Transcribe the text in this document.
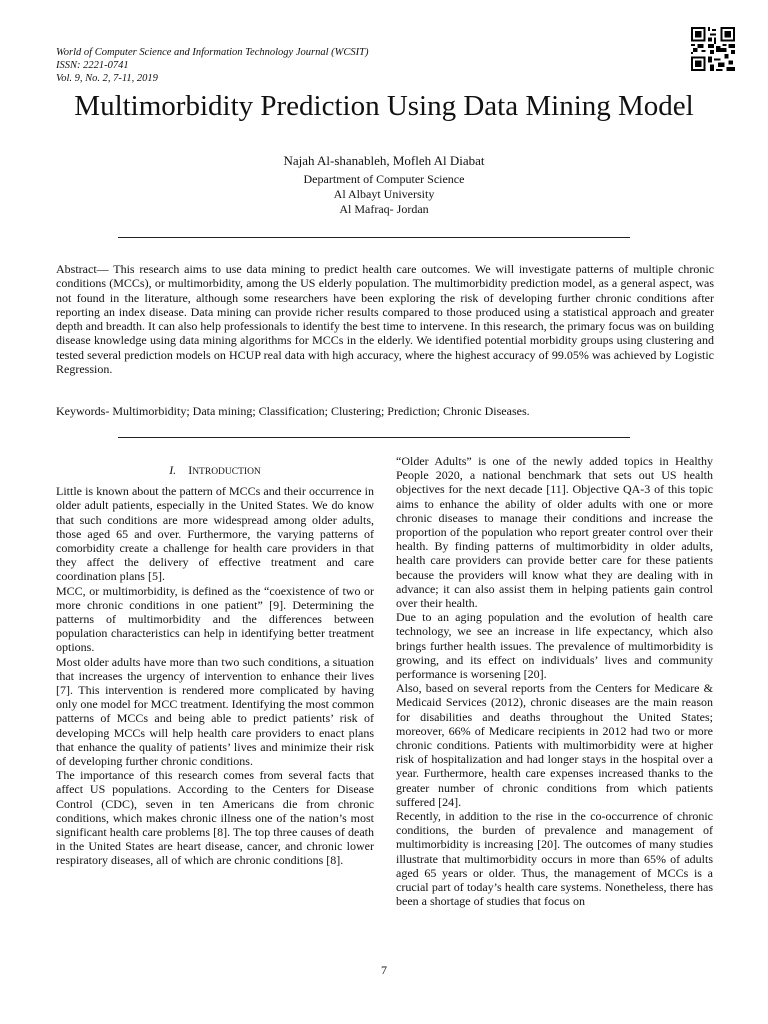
World of Computer Science and Information Technology Journal (WCSIT)
ISSN: 2221-0741
Vol. 9, No. 2, 7-11, 2019
Multimorbidity Prediction Using Data Mining Model
Najah Al-shanableh, Mofleh Al Diabat
Department of Computer Science
Al Albayt University
Al Mafraq- Jordan
Abstract— This research aims to use data mining to predict health care outcomes. We will investigate patterns of multiple chronic conditions (MCCs), or multimorbidity, among the US elderly population. The multimorbidity prediction model, as a general aspect, was not found in the literature, although some researchers have been exploring the risk of developing further chronic conditions after reporting an index disease. Data mining can provide richer results compared to those produced using a statistical approach and greater depth and breadth. It can also help professionals to identify the best time to intervene. In this research, the primary focus was on building disease knowledge using data mining algorithms for MCCs in the elderly. We identified potential morbidity groups using clustering and tested several prediction models on HCUP real data with high accuracy, where the highest accuracy of 99.05% was achieved by Logistic Regression.
Keywords- Multimorbidity; Data mining; Classification; Clustering; Prediction; Chronic Diseases.
I. INTRODUCTION

Little is known about the pattern of MCCs and their occurrence in older adult patients, especially in the United States. We do know that such conditions are more widespread among older adults, those aged 65 and over. Furthermore, the varying patterns of comorbidity create a challenge for health care providers in that they affect the delivery of effective treatment and care coordination plans [5].

MCC, or multimorbidity, is defined as the “coexistence of two or more chronic conditions in one patient” [9]. Determining the patterns of multimorbidity and the differences between population characteristics can help in identifying better treatment options.

Most older adults have more than two such conditions, a situation that increases the urgency of intervention to enhance their lives [7]. This intervention is rendered more complicated by having only one model for MCC treatment. Identifying the most common patterns of MCCs and being able to predict patients’ risk of developing MCCs will help health care providers to enact plans that enhance the quality of patients’ lives and minimize their risk of developing further chronic conditions.

The importance of this research comes from several facts that affect US populations. According to the Centers for Disease Control (CDC), seven in ten Americans die from chronic conditions, which makes chronic illness one of the nation’s most significant health care problems [8]. The top three causes of death in the United States are heart disease, cancer, and chronic lower respiratory diseases, all of which are chronic conditions [8].

“Older Adults” is one of the newly added topics in Healthy People 2020, a national benchmark that sets out US health objectives for the next decade [11]. Objective QA-3 of this topic aims to enhance the ability of older adults with one or more chronic diseases to manage their conditions and increase the proportion of the population who report greater control over their health. By finding patterns of multimorbidity in older adults, health care providers can provide better care for these patients because the providers will know what they are dealing with in advance; it can also assist them in helping patients gain control over their health.

Due to an aging population and the evolution of health care technology, we see an increase in life expectancy, which also brings further health issues. The prevalence of multimorbidity is growing, and its effect on individuals’ lives and community performance is worsening [20].

Also, based on several reports from the Centers for Medicare & Medicaid Services (2012), chronic diseases are the main reason for disabilities and deaths throughout the United States; moreover, 66% of Medicare recipients in 2012 had two or more chronic conditions. Patients with multimorbidity were at higher risk of hospitalization and had longer stays in the hospital over a year. Furthermore, health care expenses increased thanks to the greater number of chronic conditions from which patients suffered [24].

Recently, in addition to the rise in the co-occurrence of chronic conditions, the burden of prevalence and management of multimorbidity is increasing [20]. The outcomes of many studies illustrate that multimorbidity occurs in more than 65% of adults aged 65 years or older. Thus, the management of MCCs is a crucial part of today’s health care systems. Nonetheless, there has been a shortage of studies that focus on

7
